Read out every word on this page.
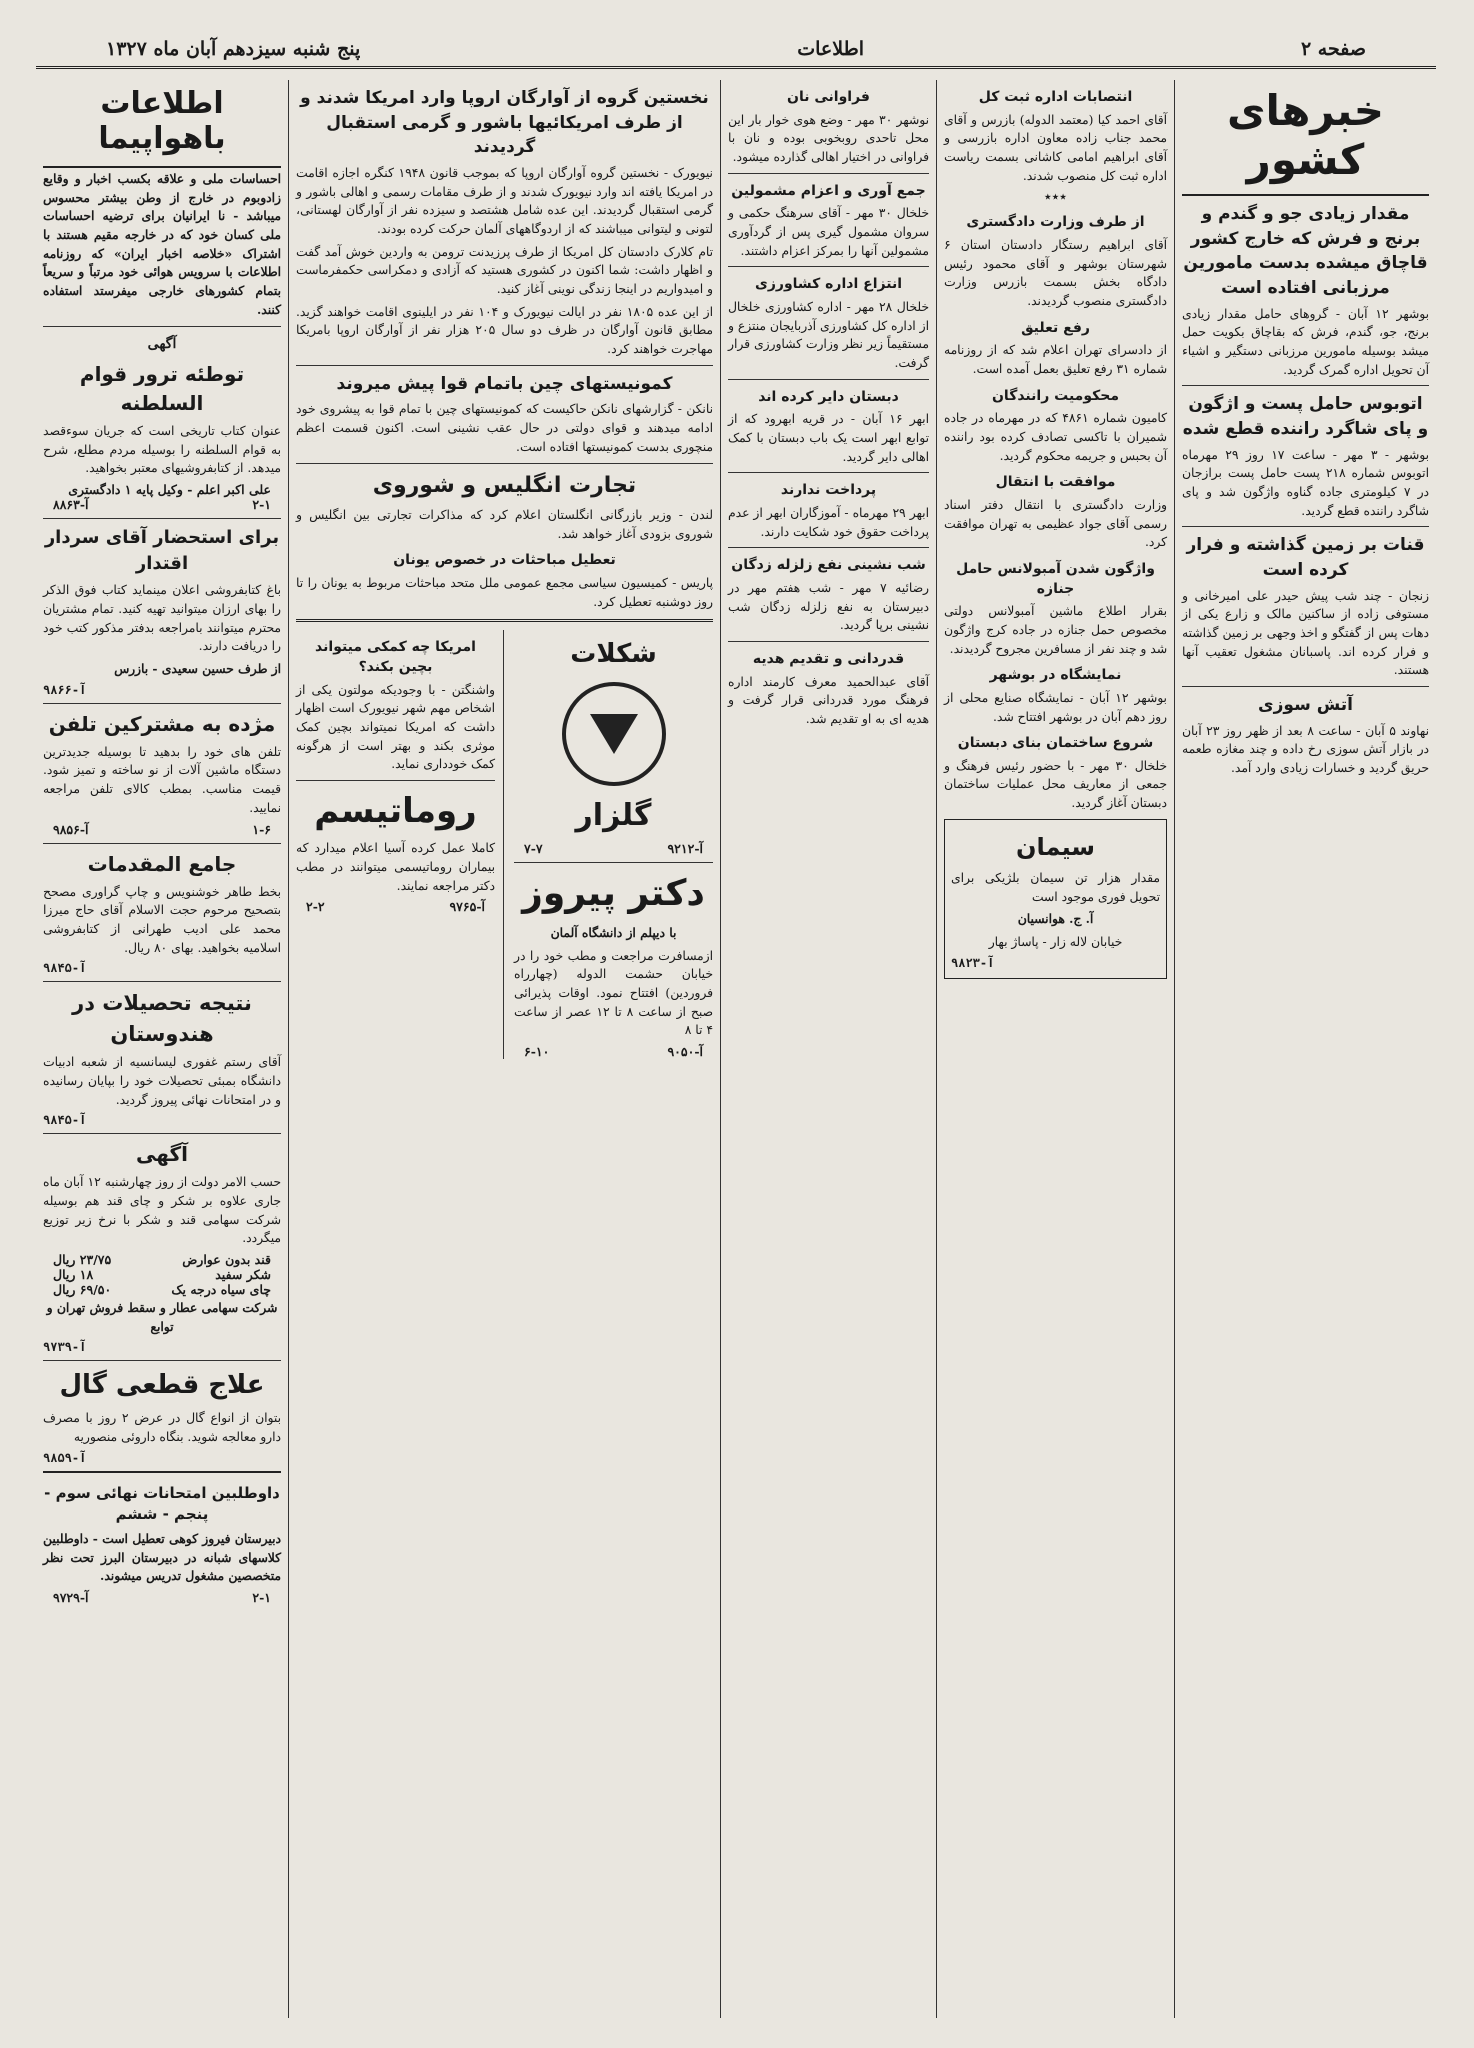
صفحه ۲
اطلاعات
پنج شنبه سیزدهم آبان ماه ۱۳۲۷
خبرهای کشور
مقدار زیادی جو و گندم و برنج و فرش که خارج کشور قاچاق میشده بدست مامورین مرزبانی افتاده است

بوشهر ۱۲ آبان - گروهای حامل مقدار زیادی برنج، جو، گندم، فرش که بقاچاق بکویت حمل میشد بوسیله مامورین مرزبانی دستگیر و اشیاء آن تحویل اداره گمرک گردید.

اتوبوس حامل پست و اژگون و پای شاگرد راننده قطع شده

بوشهر - ۳ مهر - ساعت ۱۷ روز ۲۹ مهرماه اتوبوس شماره ۲۱۸ پست حامل پست برازجان در ۷ کیلومتری جاده گناوه واژگون شد و پای شاگرد راننده قطع گردید.

قنات بر زمین گذاشته و فرار کرده است

زنجان - چند شب پیش حیدر علی امیرخانی و مستوفی زاده از ساکنین مالک و زارع یکی از دهات پس از گفتگو و اخذ وجهی بر زمین گذاشته و فرار کرده اند. پاسبانان مشغول تعقیب آنها هستند.

آتش سوزی

نهاوند ۵ آبان - ساعت ۸ بعد از ظهر روز ۲۳ آبان در بازار آتش سوزی رخ داده و چند مغازه طعمه حریق گردید و خسارات زیادی وارد آمد.

انتصابات اداره ثبت کل

آقای احمد کیا (معتمد الدوله) بازرس و آقای محمد جناب زاده معاون اداره بازرسی و آقای ابراهیم امامی کاشانی بسمت ریاست اداره ثبت کل منصوب شدند.

٭٭٭
از طرف وزارت دادگستری

آقای ابراهیم رستگار دادستان استان ۶ شهرستان بوشهر و آقای محمود رئیس دادگاه بخش بسمت بازرس وزارت دادگستری منصوب گردیدند.

رفع تعلیق

از دادسرای تهران اعلام شد که از روزنامه شماره ۳۱ رفع تعلیق بعمل آمده است.

محکومیت رانندگان

کامیون شماره ۴۸۶۱ که در مهرماه در جاده شمیران با تاکسی تصادف کرده بود راننده آن بحبس و جریمه محکوم گردید.

موافقت با انتقال

وزارت دادگستری با انتقال دفتر اسناد رسمی آقای جواد عظیمی به تهران موافقت کرد.

واژگون شدن آمبولانس حامل جنازه

بقرار اطلاع ماشین آمبولانس دولتی مخصوص حمل جنازه در جاده کرج واژگون شد و چند نفر از مسافرین مجروح گردیدند.

نمایشگاه در بوشهر

بوشهر ۱۲ آبان - نمایشگاه صنایع محلی از روز دهم آبان در بوشهر افتتاح شد.

شروع ساختمان بنای دبستان

خلخال ۳۰ مهر - با حضور رئیس فرهنگ و جمعی از معاریف محل عملیات ساختمان دبستان آغاز گردید.

سیمان

مقدار هزار تن سیمان بلژیکی برای تحویل فوری موجود است

آ. ج. هوانسیان

خیابان لاله زار - پاساژ بهار

آ-۹۸۲۳
فراوانی نان

نوشهر ۳۰ مهر - وضع هوی خوار بار این محل تاحدی روبخوبی بوده و نان با فراوانی در اختیار اهالی گذارده میشود.

جمع آوری و اعزام مشمولین

خلخال ۳۰ مهر - آقای سرهنگ حکمی و سروان مشمول گیری پس از گردآوری مشمولین آنها را بمرکز اعزام داشتند.

انتزاع اداره کشاورزی

خلخال ۲۸ مهر - اداره کشاورزی خلخال از اداره کل کشاورزی آذربایجان منتزع و مستقیماً زیر نظر وزارت کشاورزی قرار گرفت.

دبستان دایر کرده اند

ابهر ۱۶ آبان - در قریه ابهرود که از توابع ابهر است یک باب دبستان با کمک اهالی دایر گردید.

پرداخت ندارند

ابهر ۲۹ مهرماه - آموزگاران ابهر از عدم پرداخت حقوق خود شکایت دارند.

شب نشینی نفع زلزله زدگان

رضائیه ۷ مهر - شب هفتم مهر در دبیرستان به نفع زلزله زدگان شب نشینی برپا گردید.

قدردانی و تقدیم هدیه

آقای عبدالحمید معرف کارمند اداره فرهنگ مورد قدردانی قرار گرفت و هدیه ای به او تقدیم شد.

نخستین گروه از آوارگان اروپا وارد امریکا شدند و از طرف امریکائیها باشور و گرمی استقبال گردیدند

نیویورک - نخستین گروه آوارگان اروپا که بموجب قانون ۱۹۴۸ کنگره اجازه اقامت در امریکا یافته اند وارد نیویورک شدند و از طرف مقامات رسمی و اهالی باشور و گرمی استقبال گردیدند. این عده شامل هشتصد و سیزده نفر از آوارگان لهستانی، لتونی و لیتوانی میباشند که از اردوگاههای آلمان حرکت کرده بودند.

تام کلارک دادستان کل امریکا از طرف پرزیدنت ترومن به واردین خوش آمد گفت و اظهار داشت: شما اکنون در کشوری هستید که آزادی و دمکراسی حکمفرماست و امیدواریم در اینجا زندگی نوینی آغاز کنید.

از این عده ۱۸۰۵ نفر در ایالت نیویورک و ۱۰۴ نفر در ایلینوی اقامت خواهند گزید. مطابق قانون آوارگان در ظرف دو سال ۲۰۵ هزار نفر از آوارگان اروپا بامریکا مهاجرت خواهند کرد.

کمونیستهای چین باتمام قوا پیش میروند

نانکن - گزارشهای نانکن حاکیست که کمونیستهای چین با تمام قوا به پیشروی خود ادامه میدهند و قوای دولتی در حال عقب نشینی است. اکنون قسمت اعظم منچوری بدست کمونیستها افتاده است.

تجارت انگلیس و شوروی

لندن - وزیر بازرگانی انگلستان اعلام کرد که مذاکرات تجارتی بین انگلیس و شوروی بزودی آغاز خواهد شد.

تعطیل مباحثات در خصوص یونان

پاریس - کمیسیون سیاسی مجمع عمومی ملل متحد مباحثات مربوط به یونان را تا روز دوشنبه تعطیل کرد.

شکلات
گلزار
آ-۹۲۱۲
۷-۷
دکتر پیروز

با دیپلم از دانشگاه آلمان

ازمسافرت مراجعت و مطب خود را در خیابان حشمت الدوله (چهارراه فروردین) افتتاح نمود. اوقات پذیرائی صبح از ساعت ۸ تا ۱۲ عصر از ساعت ۴ تا ۸

آ-۹۰۵۰
۶-۱۰
امریکا چه کمکی میتواند بچین بکند؟

واشنگتن - با وجودیکه مولتون یکی از اشخاص مهم شهر نیویورک است اظهار داشت که امریکا نمیتواند بچین کمک موثری بکند و بهتر است از هرگونه کمک خودداری نماید.

روماتیسم

کاملا عمل کرده آسیا اعلام میدارد که بیماران روماتیسمی میتوانند در مطب دکتر مراجعه نمایند.

آ-۹۷۶۵
۲-۲
اطلاعات باهواپیما

احساسات ملی و علاقه بکسب اخبار و وقایع زادوبوم در خارج از وطن بیشتر محسوس میباشد - نا ایرانیان برای ترضیه احساسات ملی کسان خود که در خارجه مقیم هستند با اشتراک «خلاصه اخبار ایران» که روزنامه اطلاعات با سرویس هوائی خود مرتباً و سریعاً بتمام کشورهای خارجی میفرستد استفاده کنند.

آگهی
توطئه ترور قوام السلطنه

عنوان کتاب تاریخی است که جریان سوءقصد به قوام السلطنه را بوسیله مردم مطلع، شرح میدهد. از کتابفروشیهای معتبر بخواهید.

علی اکبر اعلم - وکیل پایه ۱ دادگستری
۲-۱
آ-۸۸۶۳
برای استحضار آقای سردار اقتدار

باغ کتابفروشی اعلان مینماید کتاب فوق الذکر را بهای ارزان میتوانید تهیه کنید. تمام مشتریان محترم میتوانند بامراجعه بدفتر مذکور کتب خود را دریافت دارند.

از طرف حسین سعیدی - بازرس

آ-۹۸۶۶
مژده به مشترکین تلفن

تلفن های خود را بدهید تا بوسیله جدیدترین دستگاه ماشین آلات از نو ساخته و تمیز شود. قیمت مناسب. بمطب کالای تلفن مراجعه نمایید.

۱-۶
آ-۹۸۵۶
جامع المقدمات

بخط طاهر خوشنویس و چاپ گراوری مصحح بتصحیح مرحوم حجت الاسلام آقای حاج میرزا محمد علی ادیب طهرانی از کتابفروشی اسلامیه بخواهید. بهای ۸۰ ریال.

آ-۹۸۴۵
نتیجه تحصیلات در هندوستان

آقای رستم غفوری لیسانسیه از شعبه ادبیات دانشگاه بمبئی تحصیلات خود را بپایان رسانیده و در امتحانات نهائی پیروز گردید.

آ-۹۸۴۵
آگهی

حسب الامر دولت از روز چهارشنبه ۱۲ آبان ماه جاری علاوه بر شکر و چای قند هم بوسیله شرکت سهامی قند و شکر با نرخ زیر توزیع میگردد.

قند بدون عوارض
۲۳/۷۵ ریال
شکر سفید
۱۸ ریال
چای سیاه درجه یک
۶۹/۵۰ ریال

شرکت سهامی عطار و سقط فروش تهران و توابع

آ-۹۷۳۹
علاج قطعی گال

بتوان از انواع گال در عرض ۲ روز با مصرف دارو معالجه شوید. بنگاه داروئی منصوریه

آ-۹۸۵۹
داوطلبین امتحانات نهائی سوم - پنجم - ششم

دبیرستان فیروز کوهی تعطیل است - داوطلبین کلاسهای شبانه در دبیرستان البرز تحت نظر متخصصین مشغول تدریس میشوند.

۲-۱
آ-۹۷۲۹
